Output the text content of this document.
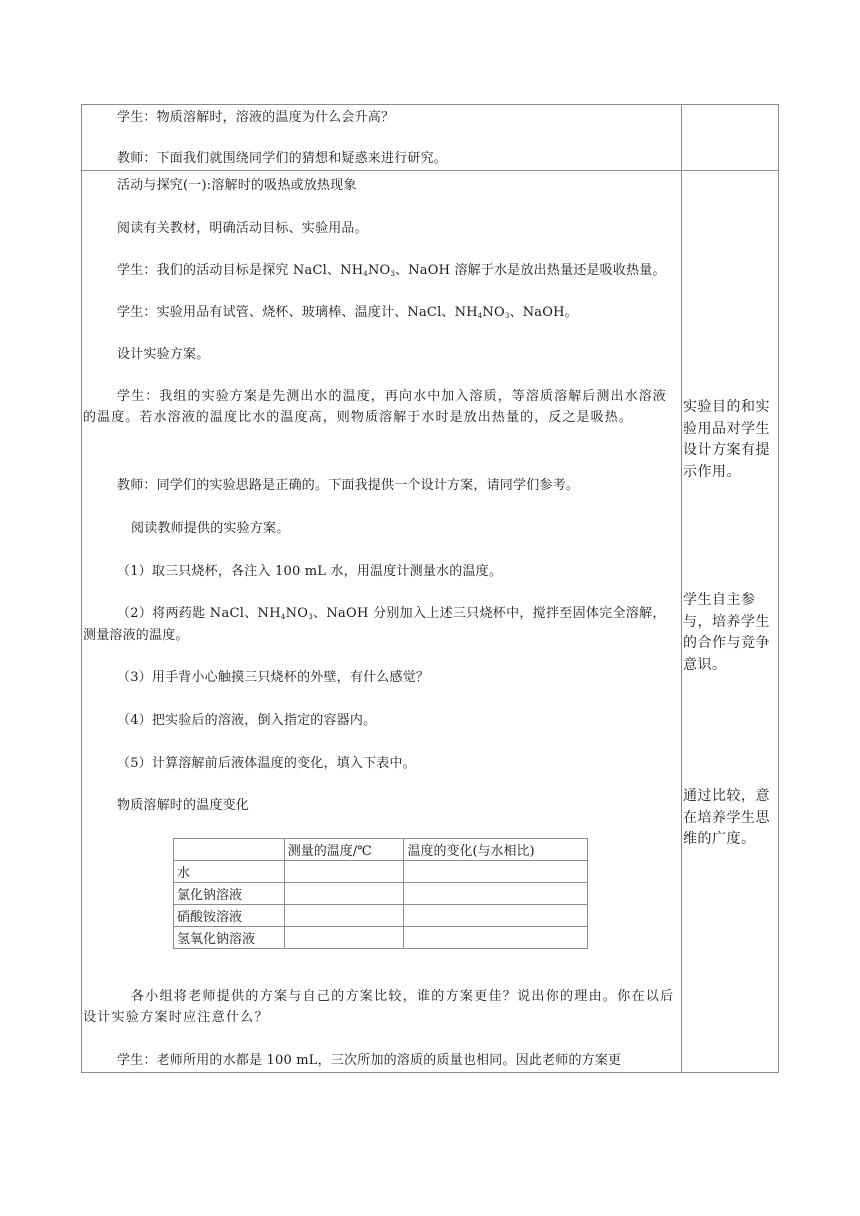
学生：物质溶解时，溶液的温度为什么会升高？
教师：下面我们就围绕同学们的猜想和疑惑来进行研究。
活动与探究(一):溶解时的吸热或放热现象
阅读有关教材，明确活动目标、实验用品。
学生：我们的活动目标是探究 NaCl、$NH_4NO_3$、NaOH 溶解于水是放出热量还是吸收热量。
学生：实验用品有试管、烧杯、玻璃棒、温度计、NaCl、$NH_4NO_3$、NaOH。
设计实验方案。
学生：我组的实验方案是先测出水的温度，再向水中加入溶质，等溶质溶解后测出水溶液的温度。若水溶液的温度比水的温度高，则物质溶解于水时是放出热量的，反之是吸热。
教师：同学们的实验思路是正确的。下面我提供一个设计方案，请同学们参考。
阅读教师提供的实验方案。
（1）取三只烧杯，各注入 100 mL 水，用温度计测量水的温度。
（2）将两药匙 NaCl、$NH_4NO_3$、NaOH 分别加入上述三只烧杯中，搅拌至固体完全溶解，
测量溶液的温度。
（3）用手背小心触摸三只烧杯的外壁，有什么感觉？
（4）把实验后的溶液，倒入指定的容器内。
（5）计算溶解前后液体温度的变化，填入下表中。
物质溶解时的温度变化
	测量的温度/℃	温度的变化(与水相比)
水		
氯化钠溶液		
硝酸铵溶液		
氢氧化钠溶液		
各小组将老师提供的方案与自己的方案比较，谁的方案更佳？说出你的理由。你在以后设计实验方案时应注意什么？
学生：老师所用的水都是 100 mL，三次所加的溶质的质量也相同。因此老师的方案更
实验目的和实验用品对学生设计方案有提示作用。
学生自主参与，培养学生的合作与竞争意识。
通过比较，意在培养学生思维的广度。
